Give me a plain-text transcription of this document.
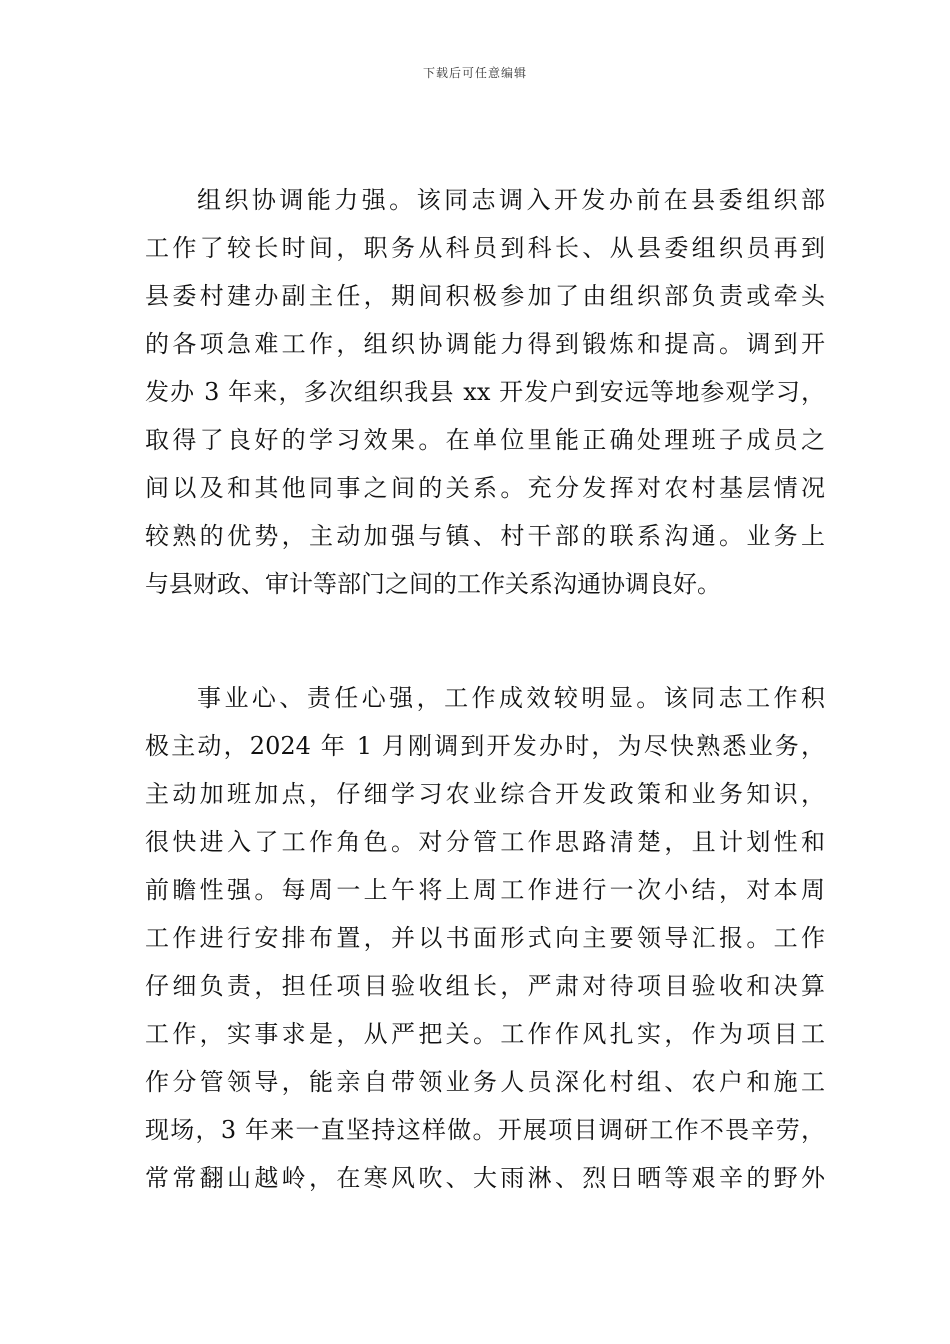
下载后可任意编辑
组织协调能力强。该同志调入开发办前在县委组织部
工作了较长时间，职务从科员到科长、从县委组织员再到
县委村建办副主任，期间积极参加了由组织部负责或牵头
的各项急难工作，组织协调能力得到锻炼和提高。调到开
发办 3 年来，多次组织我县 xx 开发户到安远等地参观学习，
取得了良好的学习效果。在单位里能正确处理班子成员之
间以及和其他同事之间的关系。充分发挥对农村基层情况
较熟的优势，主动加强与镇、村干部的联系沟通。业务上
与县财政、审计等部门之间的工作关系沟通协调良好。
事业心、责任心强，工作成效较明显。该同志工作积
极主动，2024 年 1 月刚调到开发办时，为尽快熟悉业务，
主动加班加点，仔细学习农业综合开发政策和业务知识，
很快进入了工作角色。对分管工作思路清楚，且计划性和
前瞻性强。每周一上午将上周工作进行一次小结，对本周
工作进行安排布置，并以书面形式向主要领导汇报。工作
仔细负责，担任项目验收组长，严肃对待项目验收和决算
工作，实事求是，从严把关。工作作风扎实，作为项目工
作分管领导，能亲自带领业务人员深化村组、农户和施工
现场，3 年来一直坚持这样做。开展项目调研工作不畏辛劳，
常常翻山越岭，在寒风吹、大雨淋、烈日晒等艰辛的野外
